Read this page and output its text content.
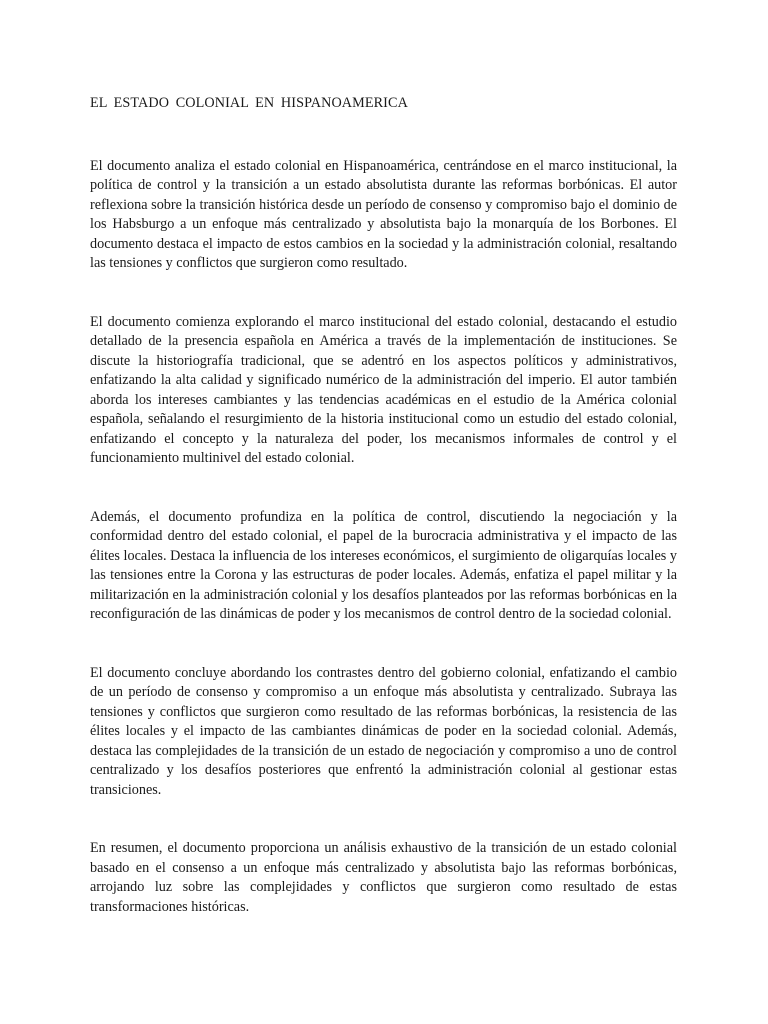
EL ESTADO COLONIAL EN HISPANOAMERICA

El documento analiza el estado colonial en Hispanoamérica, centrándose en el marco institucional, la política de control y la transición a un estado absolutista durante las reformas borbónicas. El autor reflexiona sobre la transición histórica desde un período de consenso y compromiso bajo el dominio de los Habsburgo a un enfoque más centralizado y absolutista bajo la monarquía de los Borbones. El documento destaca el impacto de estos cambios en la sociedad y la administración colonial, resaltando las tensiones y conflictos que surgieron como resultado.

El documento comienza explorando el marco institucional del estado colonial, destacando el estudio detallado de la presencia española en América a través de la implementación de instituciones. Se discute la historiografía tradicional, que se adentró en los aspectos políticos y administrativos, enfatizando la alta calidad y significado numérico de la administración del imperio. El autor también aborda los intereses cambiantes y las tendencias académicas en el estudio de la América colonial española, señalando el resurgimiento de la historia institucional como un estudio del estado colonial, enfatizando el concepto y la naturaleza del poder, los mecanismos informales de control y el funcionamiento multinivel del estado colonial.

Además, el documento profundiza en la política de control, discutiendo la negociación y la conformidad dentro del estado colonial, el papel de la burocracia administrativa y el impacto de las élites locales. Destaca la influencia de los intereses económicos, el surgimiento de oligarquías locales y las tensiones entre la Corona y las estructuras de poder locales. Además, enfatiza el papel militar y la militarización en la administración colonial y los desafíos planteados por las reformas borbónicas en la reconfiguración de las dinámicas de poder y los mecanismos de control dentro de la sociedad colonial.

El documento concluye abordando los contrastes dentro del gobierno colonial, enfatizando el cambio de un período de consenso y compromiso a un enfoque más absolutista y centralizado. Subraya las tensiones y conflictos que surgieron como resultado de las reformas borbónicas, la resistencia de las élites locales y el impacto de las cambiantes dinámicas de poder en la sociedad colonial. Además, destaca las complejidades de la transición de un estado de negociación y compromiso a uno de control centralizado y los desafíos posteriores que enfrentó la administración colonial al gestionar estas transiciones.

En resumen, el documento proporciona un análisis exhaustivo de la transición de un estado colonial basado en el consenso a un enfoque más centralizado y absolutista bajo las reformas borbónicas, arrojando luz sobre las complejidades y conflictos que surgieron como resultado de estas transformaciones históricas.
